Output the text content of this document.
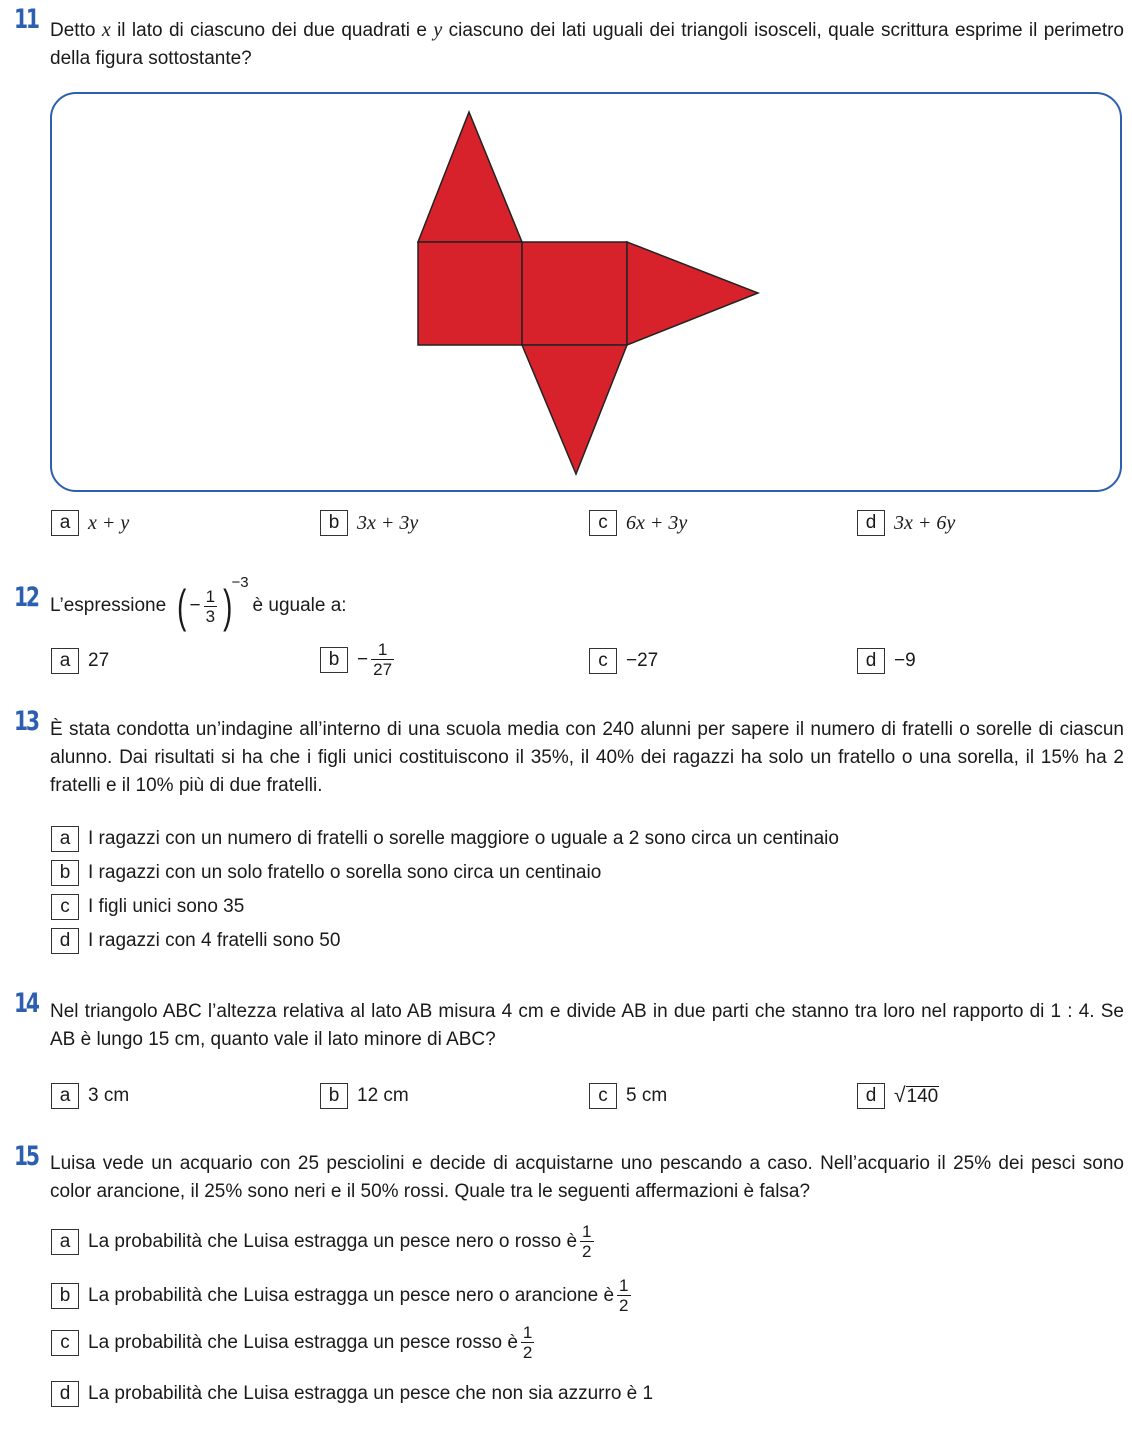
11 Detto x il lato di ciascuno dei due quadrati e y ciascuno dei lati uguali dei triangoli isosceli, quale scrittura esprime il perimetro della figura sottostante?
a x + y	b 3x + 3y	c 6x + 3y	d 3x + 6y
12 L’espressione ( − $\frac{1}{3}$ ) −3
è uguale a:
a 27	$b - \frac{1}{27}$	c −27	d −9
13 È stata condotta un’indagine all’interno di una scuola media con 240 alunni per sapere il numero di fratelli o sorelle di ciascun alunno. Dai risultati si ha che i figli unici costituiscono il 35%, il 40% dei ragazzi ha solo un fratello o una sorella, il 15% ha 2 fratelli e il 10% più di due fratelli.
a I ragazzi con un numero di fratelli o sorelle maggiore o uguale a 2 sono circa un centinaio
b I ragazzi con un solo fratello o sorella sono circa un centinaio
c I figli unici sono 35
d I ragazzi con 4 fratelli sono 50
14 Nel triangolo ABC l’altezza relativa al lato AB misura 4 cm e divide AB in due parti che stanno tra loro nel rapporto di 1 : 4. Se AB è lungo 15 cm, quanto vale il lato minore di ABC?
a 3 cm	b 12 cm	c 5 cm	d √ 140
15 Luisa vede un acquario con 25 pesciolini e decide di acquistarne uno pescando a caso. Nell’acquario il 25% dei pesci sono color arancione, il 25% sono neri e il 50% rossi. Quale tra le seguenti affermazioni è falsa?
a La probabilità che Luisa estragga un pesce nero o rosso è $\frac{1}{2}$
b La probabilità che Luisa estragga un pesce nero o arancione è $\frac{1}{2}$
c La probabilità che Luisa estragga un pesce rosso è $\frac{1}{2}$
d La probabilità che Luisa estragga un pesce che non sia azzurro è 1
